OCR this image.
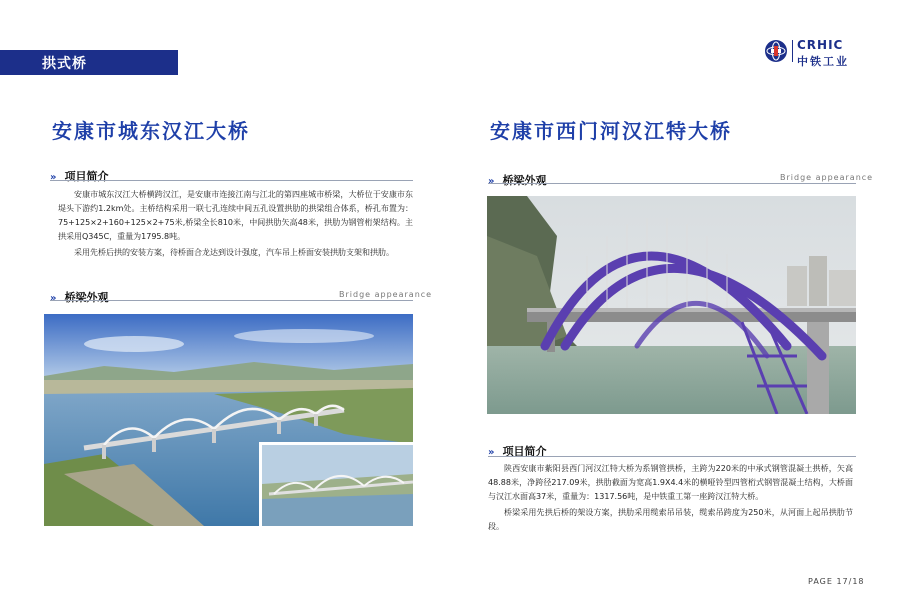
拱式桥
CRHIC
中铁工业
安康市城东汉江大桥
» 项目简介

安康市城东汉江大桥横跨汉江，是安康市连接江南与江北的第四座城市桥梁，大桥位于安康市东堤头下游约1.2km处。主桥结构采用一联七孔连续中间五孔设置拱肋的拱梁组合体系，桥孔布置为：75+125×2+160+125×2+75米,桥梁全长810米，中间拱肋矢高48米，拱肋为钢管桁架结构。主拱采用Q345C，重量为1795.8吨。

采用先桥后拱的安装方案，待桥面合龙达到设计强度，汽车吊上桥面安装拱肋支架和拱肋。

» 桥梁外观	Bridge appearance
安康市西门河汉江特大桥
» 桥梁外观	Bridge appearance
» 项目简介

陕西安康市紫阳县西门河汉江特大桥为系钢管拱桥，主跨为220米的中承式钢管混凝土拱桥，矢高48.88米，净跨径217.09米，拱肋截面为宽高1.9X4.4米的横哑铃型四管桁式钢管混凝土结构，大桥面与汉江水面高37米，重量为：1317.56吨，是中铁重工第一座跨汉江特大桥。

桥梁采用先拱后桥的架设方案，拱肋采用缆索吊吊装，缆索吊跨度为250米，从河面上起吊拱肋节段。

PAGE 17/18
